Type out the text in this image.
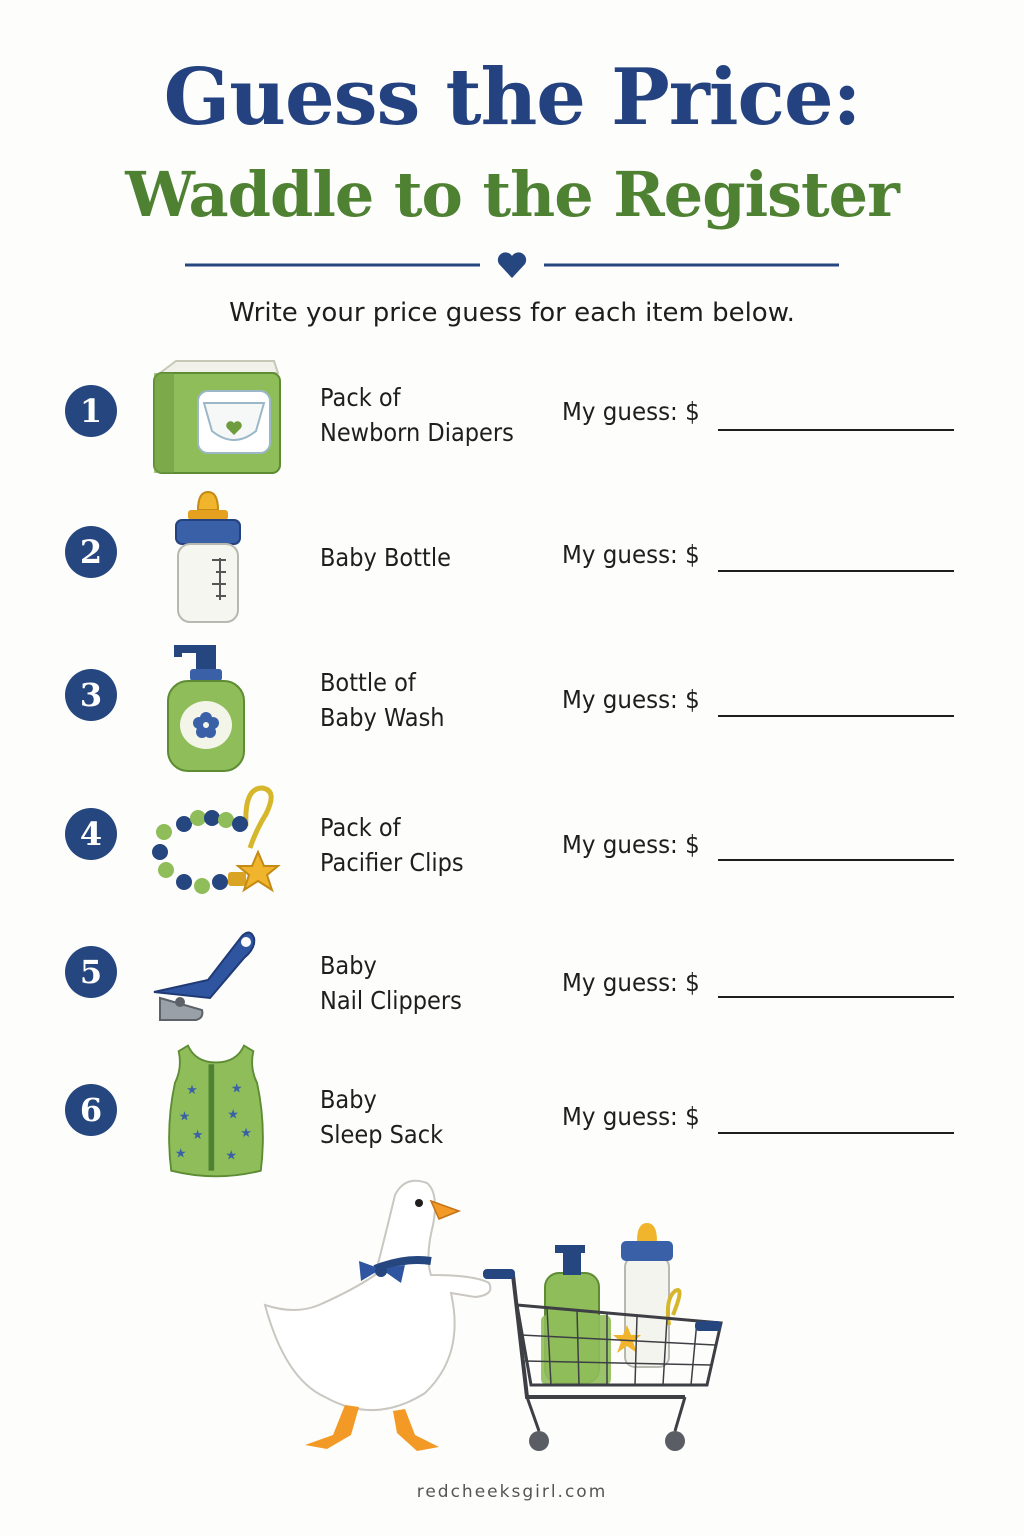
Guess the Price:
Waddle to the Register
Write your price guess for each item below.
1	Pack of
Newborn Diapers
My guess: $
2	Baby Bottle	My guess: $
3	Bottle of
Baby Wash
My guess: $
4	Pack of
Pacifier Clips
My guess: $
5	Baby
Nail Clippers
My guess: $
6
★ ★
★	★
★	★
★	★
Baby
Sleep Sack
My guess: $
redcheeksgirl.com
